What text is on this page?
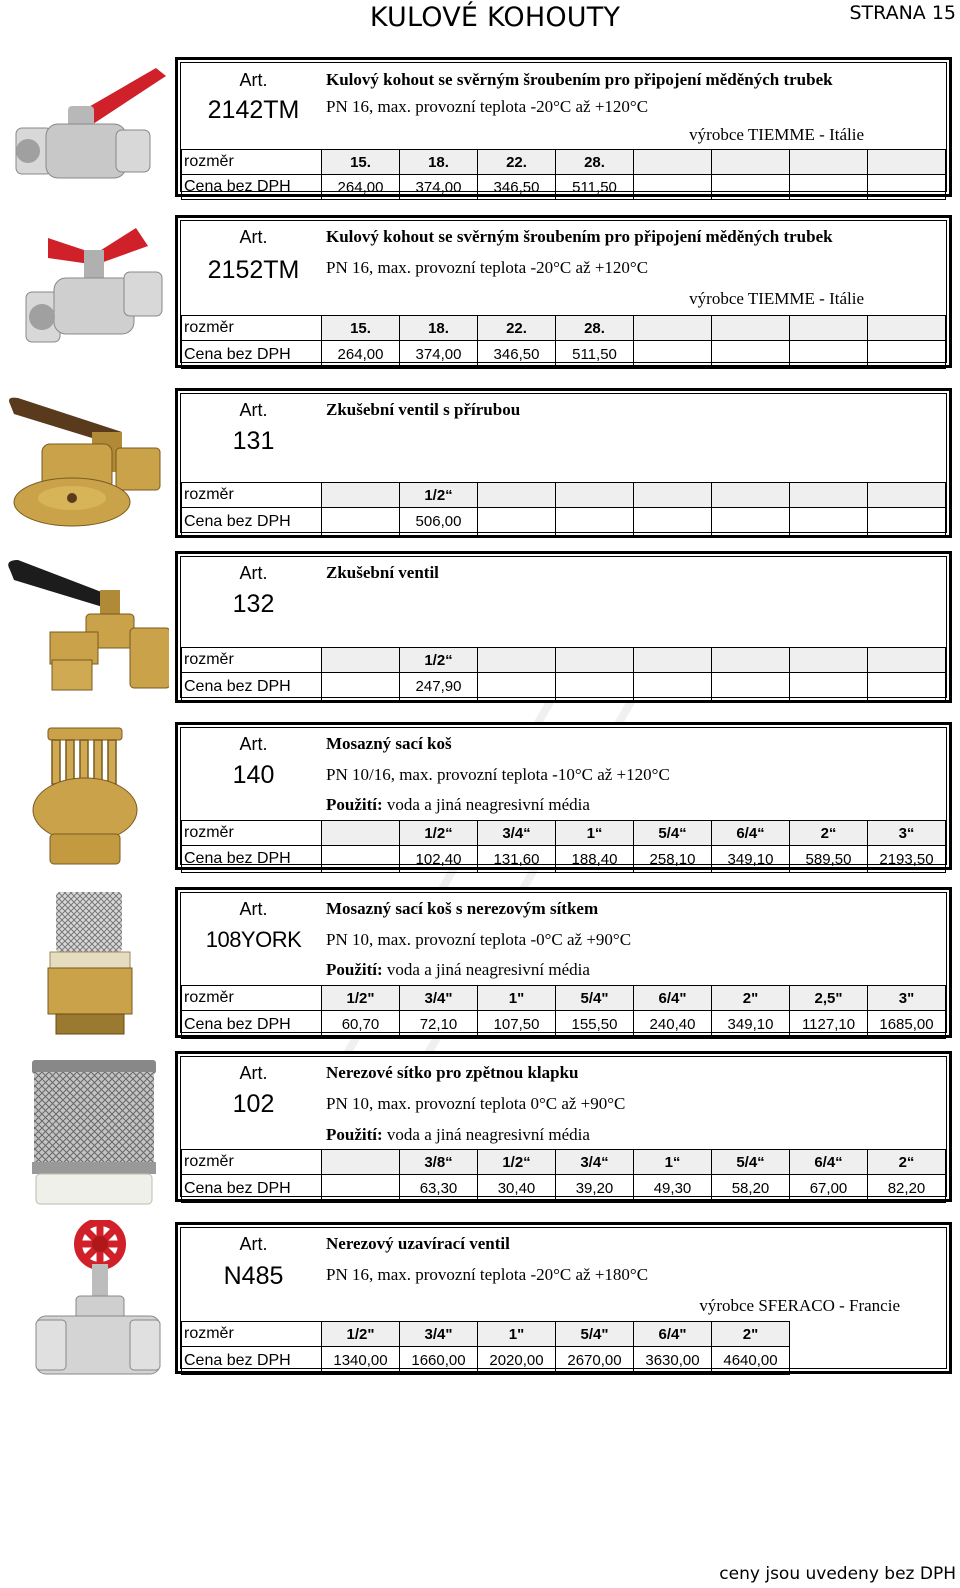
KULOVÉ KOHOUTY	STRANA 15
Art.
2142TM
Kulový kohout se svěrným šroubením pro připojení měděných trubek
PN 16, max. provozní teplota -20°C až +120°C
výrobce TIEMME - Itálie
rozměr	15.	18.	22.	28.				
Cena bez DPH	264,00	374,00	346,50	511,50				
Art.
2152TM
Kulový kohout se svěrným šroubením pro připojení měděných trubek
PN 16, max. provozní teplota -20°C až +120°C
výrobce TIEMME - Itálie
rozměr	15.	18.	22.	28.				
Cena bez DPH	264,00	374,00	346,50	511,50				
Art.
131
Zkušební ventil s přírubou
rozměr		1/2“						
Cena bez DPH		506,00						
Art.
132
Zkušební ventil
rozměr		1/2“						
Cena bez DPH		247,90						
Art.
140
Mosazný sací koš
PN 10/16, max. provozní teplota -10°C až +120°C
Použití: voda a jiná neagresivní média
rozměr		1/2“	3/4“	1“	5/4“	6/4“	2“	3“
Cena bez DPH		102,40	131,60	188,40	258,10	349,10	589,50	2193,50
Art.
108YORK
Mosazný sací koš s nerezovým sítkem
PN 10, max. provozní teplota -0°C až +90°C
Použití: voda a jiná neagresivní média
rozměr	1/2"	3/4"	1"	5/4"	6/4"	2"	2,5"	3"
Cena bez DPH	60,70	72,10	107,50	155,50	240,40	349,10	1127,10	1685,00
Art.
102
Nerezové sítko pro zpětnou klapku
PN 10, max. provozní teplota 0°C až +90°C
Použití: voda a jiná neagresivní média
rozměr		3/8“	1/2“	3/4“	1“	5/4“	6/4“	2“
Cena bez DPH		63,30	30,40	39,20	49,30	58,20	67,00	82,20
Art.
N485
Nerezový uzavírací ventil
PN 16, max. provozní teplota -20°C až +180°C
výrobce SFERACO - Francie
rozměr	1/2"	3/4"	1"	5/4"	6/4"	2"		
Cena bez DPH	1340,00	1660,00	2020,00	2670,00	3630,00	4640,00		
ceny jsou uvedeny bez DPH
